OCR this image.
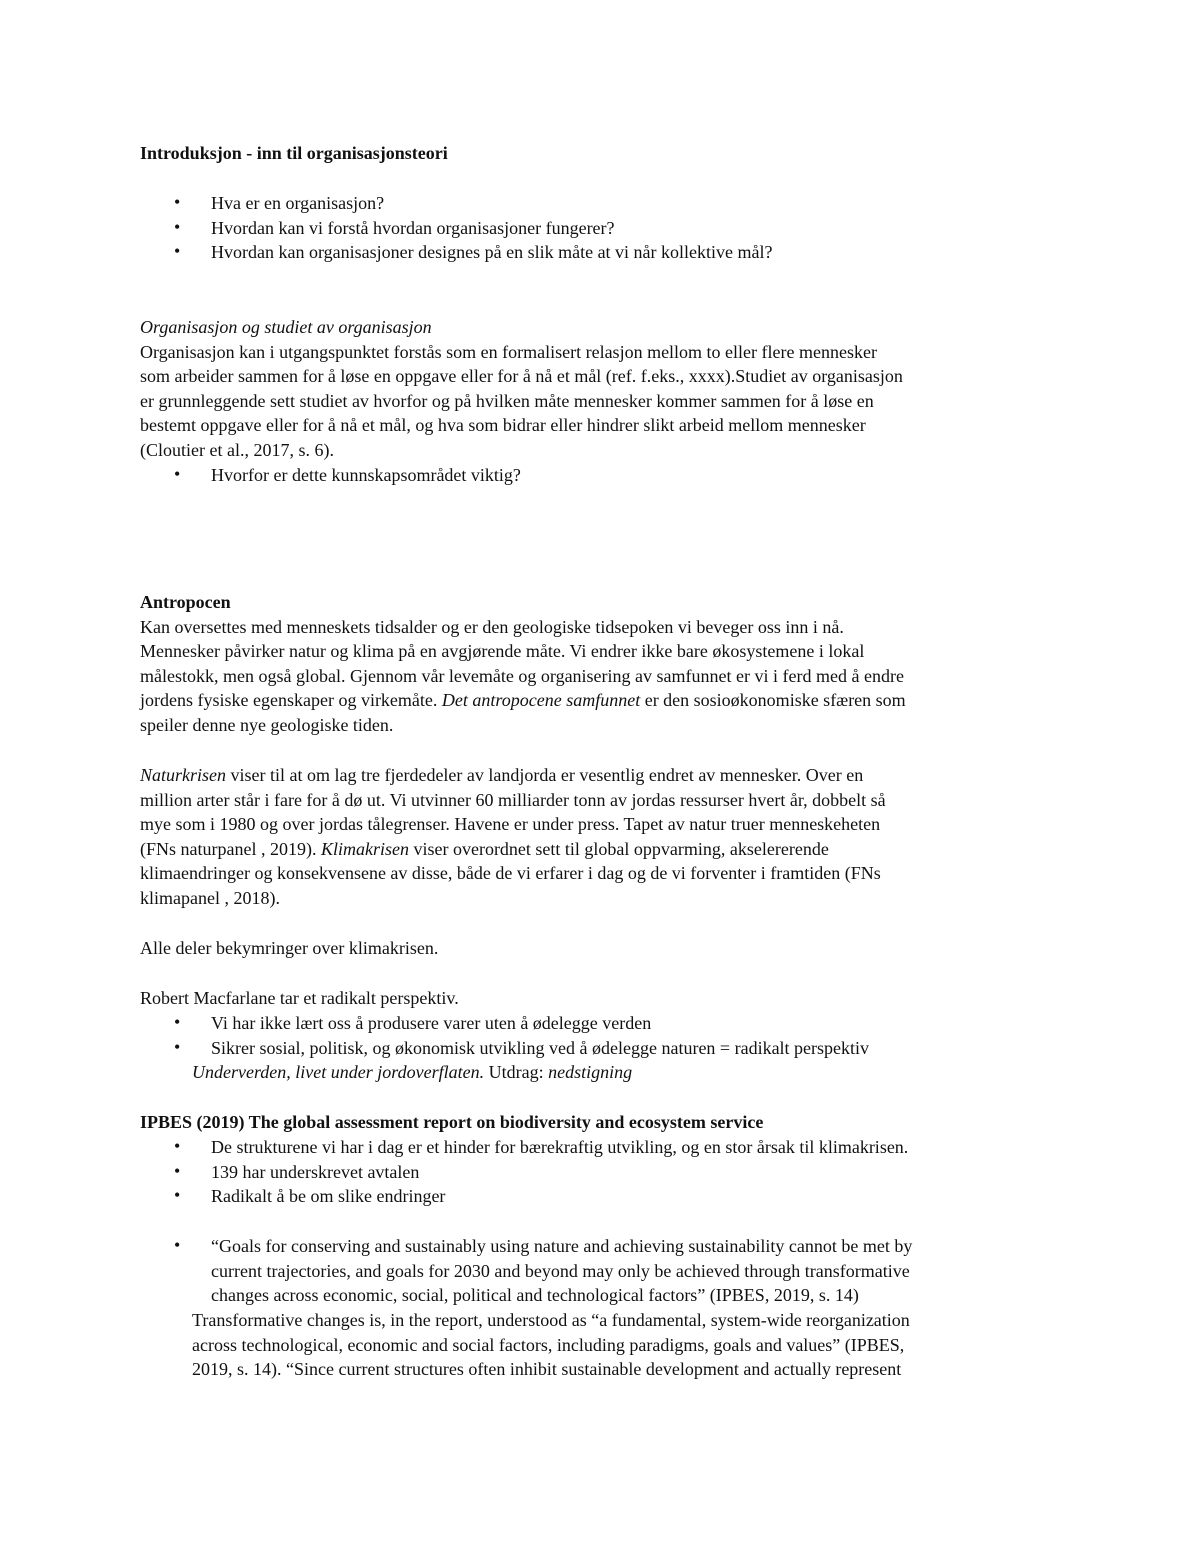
Introduksjon - inn til organisasjonsteori
• Hva er en organisasjon?
• Hvordan kan vi forstå hvordan organisasjoner fungerer?
• Hvordan kan organisasjoner designes på en slik måte at vi når kollektive mål?
Organisasjon og studiet av organisasjon
Organisasjon kan i utgangspunktet forstås som en formalisert relasjon mellom to eller flere mennesker
som arbeider sammen for å løse en oppgave eller for å nå et mål (ref. f.eks., xxxx).Studiet av organisasjon
er grunnleggende sett studiet av hvorfor og på hvilken måte mennesker kommer sammen for å løse en
bestemt oppgave eller for å nå et mål, og hva som bidrar eller hindrer slikt arbeid mellom mennesker
(Cloutier et al., 2017, s. 6).
• Hvorfor er dette kunnskapsområdet viktig?
Antropocen
Kan oversettes med menneskets tidsalder og er den geologiske tidsepoken vi beveger oss inn i nå.
Mennesker påvirker natur og klima på en avgjørende måte. Vi endrer ikke bare økosystemene i lokal
målestokk, men også global. Gjennom vår levemåte og organisering av samfunnet er vi i ferd med å endre
jordens fysiske egenskaper og virkemåte. Det antropocene samfunnet er den sosioøkonomiske sfæren som
speiler denne nye geologiske tiden.
Naturkrisen viser til at om lag tre fjerdedeler av landjorda er vesentlig endret av mennesker. Over en
million arter står i fare for å dø ut. Vi utvinner 60 milliarder tonn av jordas ressurser hvert år, dobbelt så
mye som i 1980 og over jordas tålegrenser. Havene er under press. Tapet av natur truer menneskeheten
(FNs naturpanel , 2019). Klimakrisen viser overordnet sett til global oppvarming, akselererende
klimaendringer og konsekvensene av disse, både de vi erfarer i dag og de vi forventer i framtiden (FNs
klimapanel , 2018).
Alle deler bekymringer over klimakrisen.
Robert Macfarlane tar et radikalt perspektiv.
• Vi har ikke lært oss å produsere varer uten å ødelegge verden
• Sikrer sosial, politisk, og økonomisk utvikling ved å ødelegge naturen = radikalt perspektiv
Underverden, livet under jordoverflaten. Utdrag: nedstigning
IPBES (2019) The global assessment report on biodiversity and ecosystem service
• De strukturene vi har i dag er et hinder for bærekraftig utvikling, og en stor årsak til klimakrisen.
• 139 har underskrevet avtalen
• Radikalt å be om slike endringer
• “Goals for conserving and sustainably using nature and achieving sustainability cannot be met by
current trajectories, and goals for 2030 and beyond may only be achieved through transformative
changes across economic, social, political and technological factors” (IPBES, 2019, s. 14)
Transformative changes is, in the report, understood as “a fundamental, system-wide reorganization
across technological, economic and social factors, including paradigms, goals and values” (IPBES,
2019, s. 14). “Since current structures often inhibit sustainable development and actually represent
